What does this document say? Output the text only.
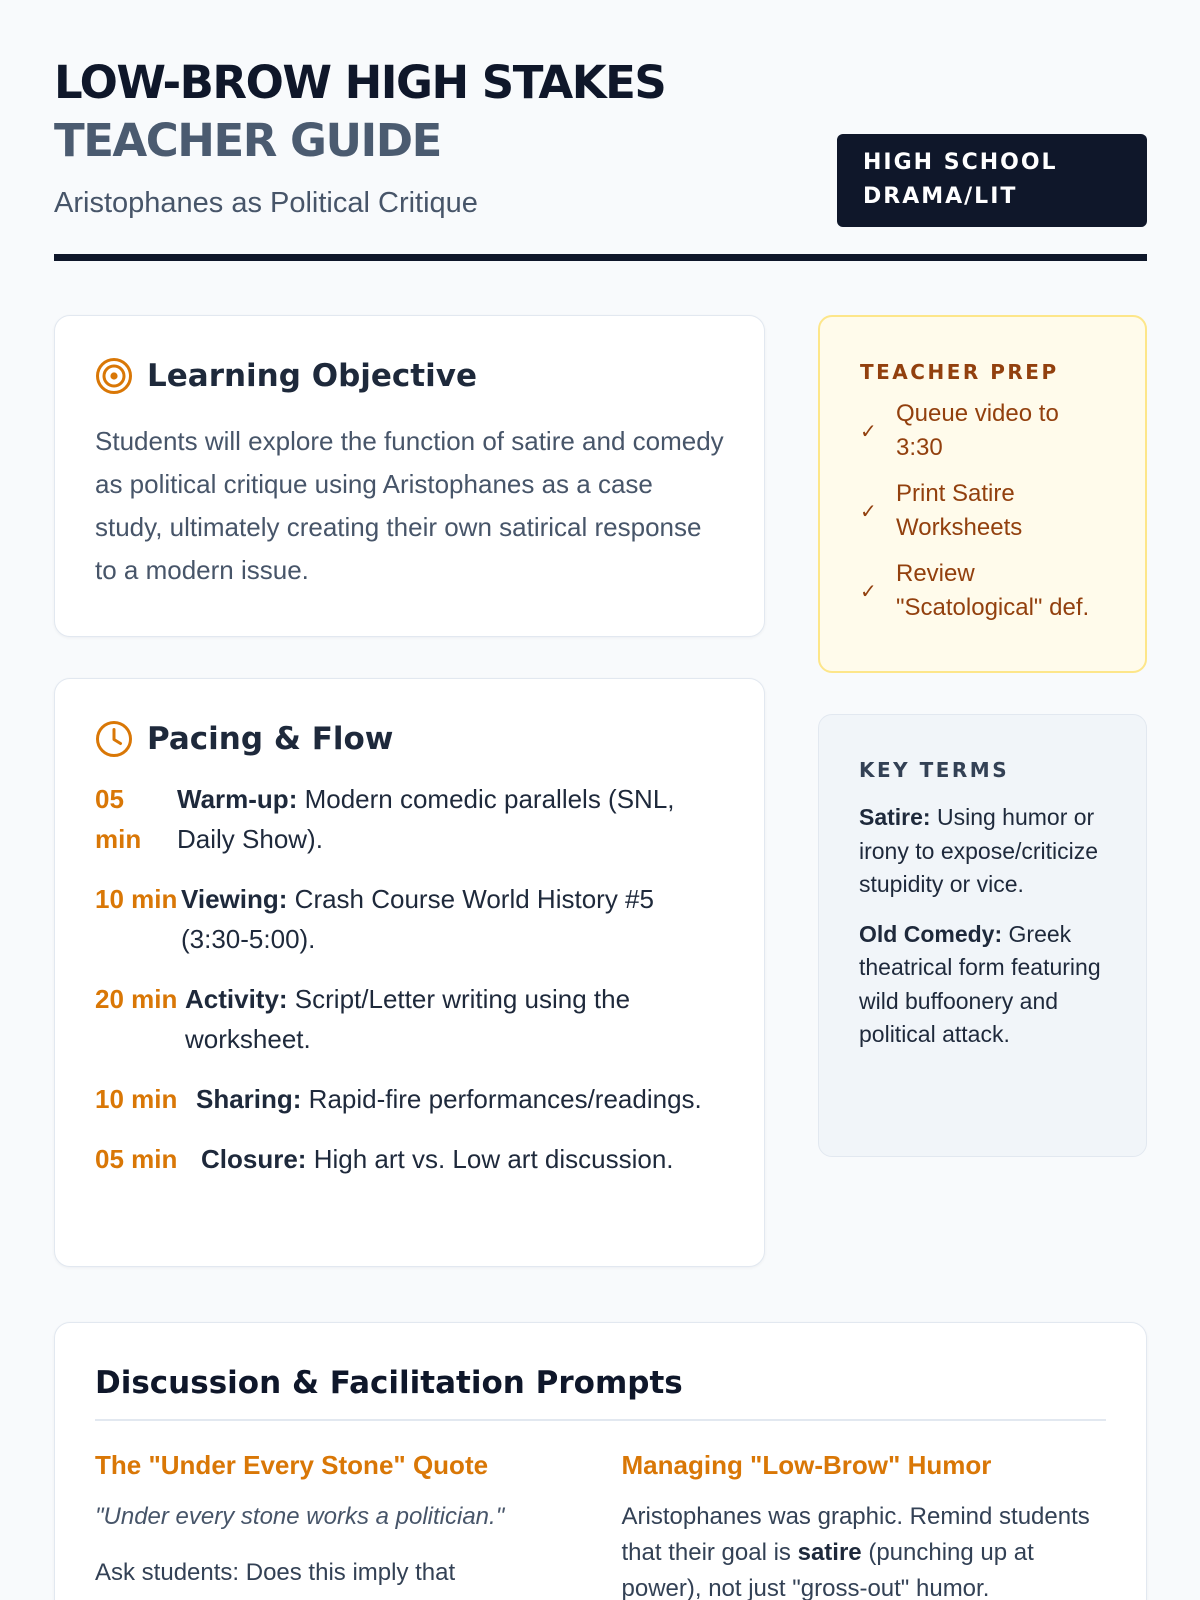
LOW-BROW HIGH STAKES
TEACHER GUIDE
Aristophanes as Political Critique
HIGH SCHOOL
DRAMA/LIT
Learning Objective
Students will explore the function of satire and comedy as political critique using Aristophanes as a case study, ultimately creating their own satirical response to a modern issue.
Pacing & Flow
05 min
Warm-up: Modern comedic parallels (SNL, Daily Show).
10 min Viewing: Crash Course World History #5 (3:30-5:00).
20 min Activity: Script/Letter writing using the worksheet.
10 min Sharing: Rapid-fire performances/readings.
05 min Closure: High art vs. Low art discussion.
TEACHER PREP
✓
Queue video to 3:30
✓
Print Satire Worksheets
✓
Review "Scatological" def.
KEY TERMS
Satire: Using humor or irony to expose/criticize stupidity or vice.
Old Comedy: Greek theatrical form featuring wild buffoonery and political attack.
Discussion & Facilitation Prompts
The "Under Every Stone" Quote
"Under every stone works a politician."
Ask students: Does this imply that
Managing "Low-Brow" Humor
Aristophanes was graphic. Remind students that their goal is satire (punching up at power), not just "gross-out" humor.
